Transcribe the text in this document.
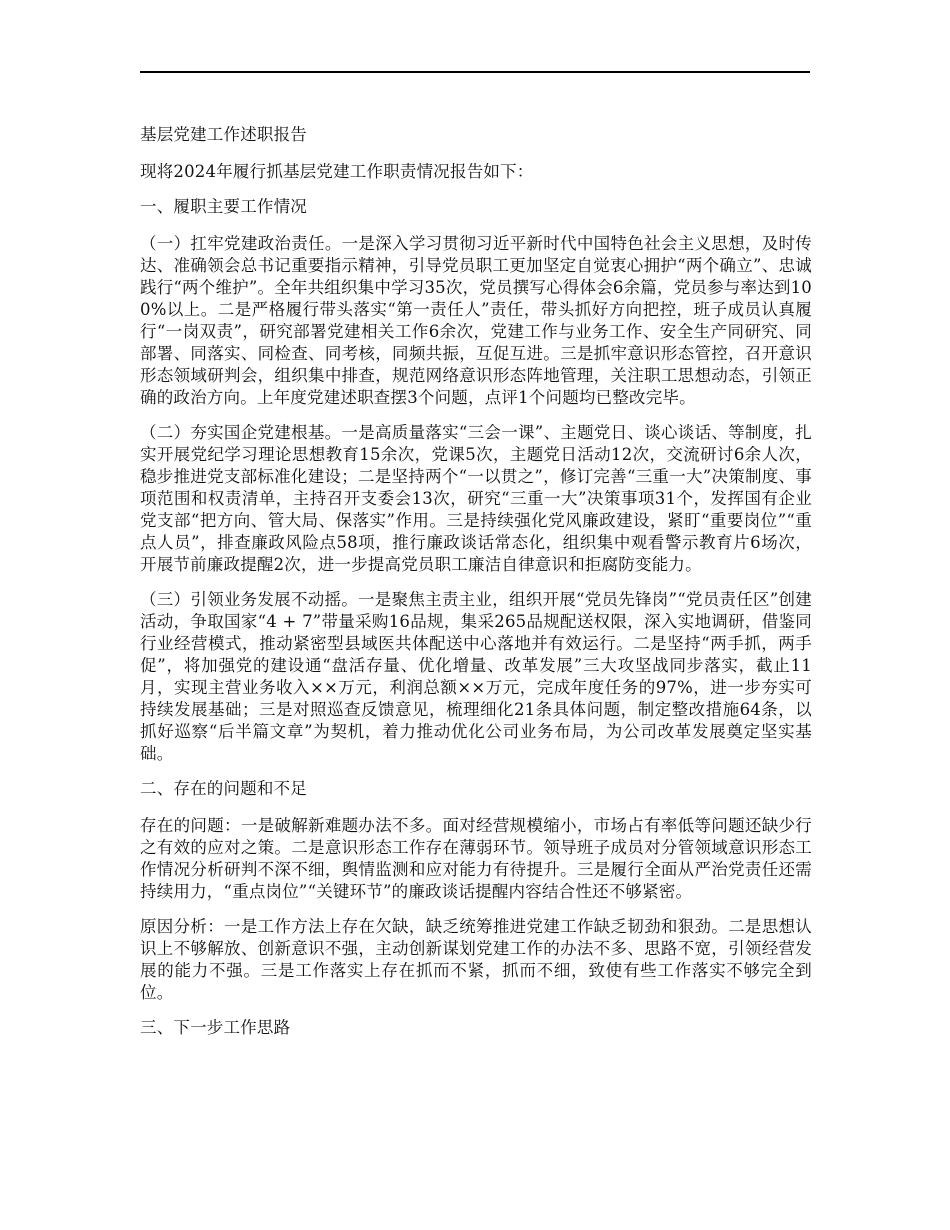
基层党建工作述职报告

现将2024年履行抓基层党建工作职责情况报告如下：

一、履职主要工作情况

（一）扛牢党建政治责任。一是深入学习贯彻习近平新时代中国特色社会主义思想，及时传达、准确领会总书记重要指示精神，引导党员职工更加坚定自觉衷心拥护“两个确立”、忠诚践行“两个维护”。全年共组织集中学习35次，党员撰写心得体会6余篇，党员参与率达到100%以上。二是严格履行带头落实“第一责任人”责任，带头抓好方向把控，班子成员认真履行“一岗双责”，研究部署党建相关工作6余次，党建工作与业务工作、安全生产同研究、同部署、同落实、同检查、同考核，同频共振，互促互进。三是抓牢意识形态管控，召开意识形态领域研判会，组织集中排查，规范网络意识形态阵地管理，关注职工思想动态，引领正确的政治方向。上年度党建述职查摆3个问题，点评1个问题均已整改完毕。

（二）夯实国企党建根基。一是高质量落实“三会一课”、主题党日、谈心谈话、等制度，扎实开展党纪学习理论思想教育15余次，党课5次，主题党日活动12次，交流研讨6余人次，稳步推进党支部标准化建设；二是坚持两个“一以贯之”，修订完善“三重一大”决策制度、事项范围和权责清单，主持召开支委会13次，研究“三重一大”决策事项31个，发挥国有企业党支部“把方向、管大局、保落实”作用。三是持续强化党风廉政建设，紧盯“重要岗位”“重点人员”，排查廉政风险点58项，推行廉政谈话常态化，组织集中观看警示教育片6场次，开展节前廉政提醒2次，进一步提高党员职工廉洁自律意识和拒腐防变能力。

（三）引领业务发展不动摇。一是聚焦主责主业，组织开展“党员先锋岗”“党员责任区”创建活动，争取国家“4 + 7”带量采购16品规，集采265品规配送权限，深入实地调研，借鉴同行业经营模式，推动紧密型县域医共体配送中心落地并有效运行。二是坚持“两手抓，两手促”，将加强党的建设通“盘活存量、优化增量、改革发展”三大攻坚战同步落实，截止11月，实现主营业务收入××万元，利润总额××万元，完成年度任务的97%，进一步夯实可持续发展基础；三是对照巡查反馈意见，梳理细化21条具体问题，制定整改措施64条，以抓好巡察“后半篇文章”为契机，着力推动优化公司业务布局，为公司改革发展奠定坚实基础。

二、存在的问题和不足

存在的问题：一是破解新难题办法不多。面对经营规模缩小，市场占有率低等问题还缺少行之有效的应对之策。二是意识形态工作存在薄弱环节。领导班子成员对分管领域意识形态工作情况分析研判不深不细，舆情监测和应对能力有待提升。三是履行全面从严治党责任还需持续用力，“重点岗位”“关键环节”的廉政谈话提醒内容结合性还不够紧密。

原因分析：一是工作方法上存在欠缺，缺乏统筹推进党建工作缺乏韧劲和狠劲。二是思想认识上不够解放、创新意识不强，主动创新谋划党建工作的办法不多、思路不宽，引领经营发展的能力不强。三是工作落实上存在抓而不紧，抓而不细，致使有些工作落实不够完全到位。

三、下一步工作思路
